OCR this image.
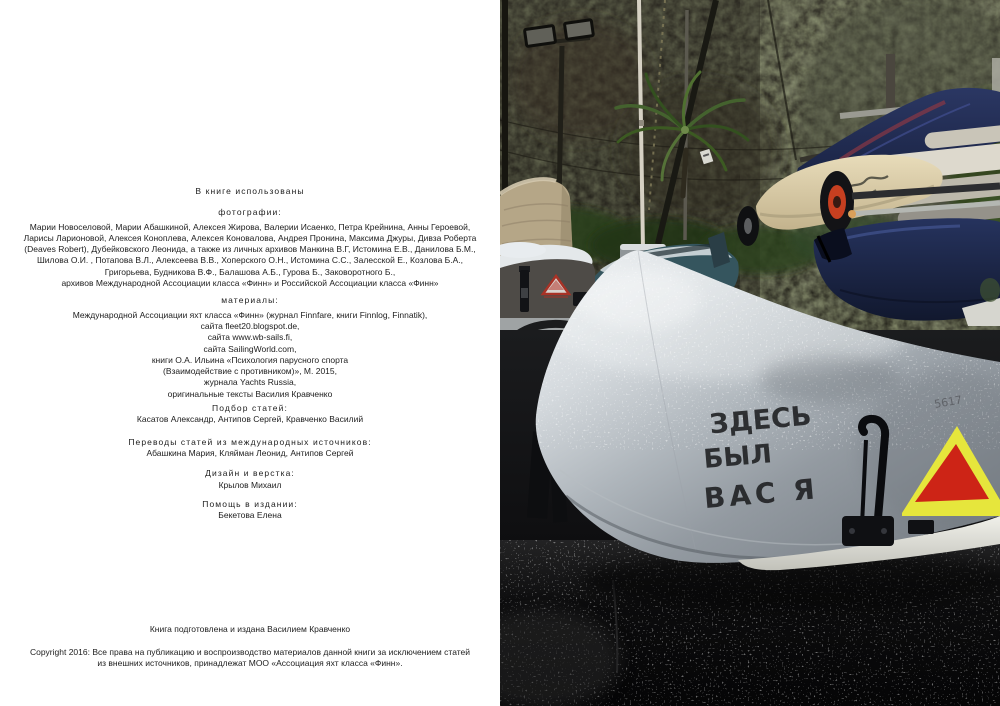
В книге использованы
фотографии:
Марии Новоселовой, Марии Абашкиной, Алексея Жирова, Валерии Исаенко, Петра Крейнина, Анны Героевой,
Ларисы Ларионовой, Алексея Коноплева, Алексея Коновалова, Андрея Пронина, Максима Джуры, Дивза Роберта
(Deaves Robert), Дубейковского Леонида, а также из личных архивов Манкина В.Г, Истомина Е.В., Данилова Б.М.,
Шилова О.И. , Потапова В.Л., Алексеева В.В., Хоперского О.Н., Истомина С.С., Залесской Е., Козлова Б.А.,
Григорьева, Будникова В.Ф., Балашова А.Б., Гурова Б., Заковоротного Б.,
архивов Международной Ассоциации класса «Финн» и Российской Ассоциации класса «Финн»
материалы:
Международной Ассоциации яхт класса «Финн» (журнал Finnfare, книги Finnlog, Finnatik),
сайта fleet20.blogspot.de,
сайта www.wb-sails.fi,
сайта SailingWorld.com,
книги О.А. Ильина «Психология парусного спорта
(Взаимодействие с противником)», М. 2015,
журнала Yachts Russia,
оригинальные тексты Василия Кравченко
Подбор статей:
Касатов Александр, Антипов Сергей, Кравченко Василий
Переводы статей из международных источников:
Абашкина Мария, Кляйман Леонид, Антипов Сергей
Дизайн и верстка:
Крылов Михаил
Помощь в издании:
Бекетова Елена
Книга подготовлена и издана Василием Кравченко
Copyright 2016: Все права на публикацию и воспроизводство материалов данной книги за исключением статей
из внешних источников, принадлежат МОО «Ассоциация яхт класса «Финн».
ЗДЕСЬ
БЫЛ
ВАС Я
5617
